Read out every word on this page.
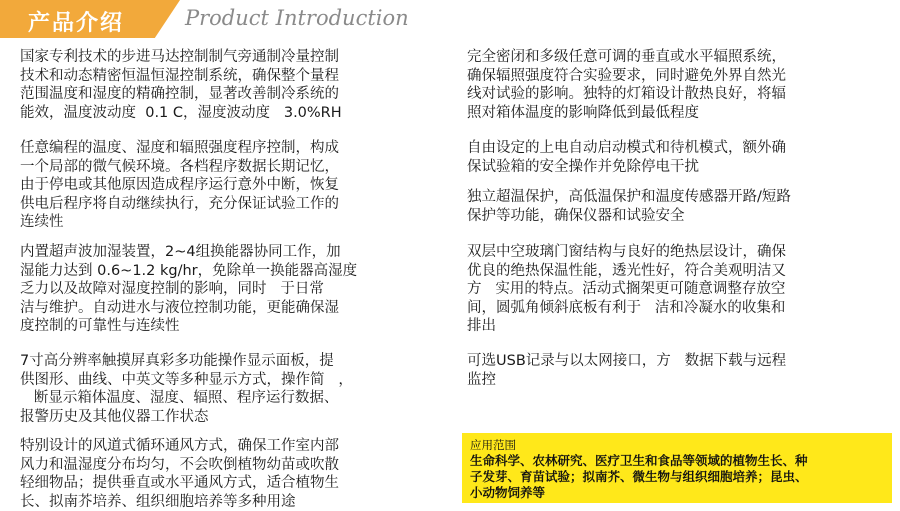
产品介绍	Product Introduction

国家专利技术的步进马达控制制气旁通制冷量控制
技术和动态精密恒温恒湿控制系统，确保整个量程
范围温度和湿度的精确控制，显著改善制冷系统的
能效，温度波动度  0.1 C，湿度波动度   3.0%RH

任意编程的温度、湿度和辐照强度程序控制，构成
一个局部的微气候环境。各档程序数据长期记忆，
由于停电或其他原因造成程序运行意外中断，恢复
供电后程序将自动继续执行，充分保证试验工作的
连续性

内置超声波加湿装置，2~4组换能器协同工作，加
湿能力达到 0.6~1.2 kg/hr，免除单一换能器高湿度
乏力以及故障对湿度控制的影响，同时   于日常
洁与维护。自动进水与液位控制功能，更能确保湿
度控制的可靠性与连续性

7寸高分辨率触摸屏真彩多功能操作显示面板，提
供图形、曲线、中英文等多种显示方式，操作简   ，
断显示箱体温度、湿度、辐照、程序运行数据、
报警历史及其他仪器工作状态

特别设计的风道式循环通风方式，确保工作室内部
风力和温湿度分布均匀，不会吹倒植物幼苗或吹散
轻细物品；提供垂直或水平通风方式，适合植物生
长、拟南芥培养、组织细胞培养等多种用途

完全密闭和多级任意可调的垂直或水平辐照系统，
确保辐照强度符合实验要求，同时避免外界自然光
线对试验的影响。独特的灯箱设计散热良好，将辐
照对箱体温度的影响降低到最低程度

自由设定的上电自动启动模式和待机模式，额外确
保试验箱的安全操作并免除停电干扰

独立超温保护，高低温保护和温度传感器开路/短路
保护等功能，确保仪器和试验安全

双层中空玻璃门窗结构与良好的绝热层设计，确保
优良的绝热保温性能，透光性好，符合美观明洁又
方   实用的特点。活动式搁架更可随意调整存放空
间，圆弧角倾斜底板有利于   洁和冷凝水的收集和
排出

可选USB记录与以太网接口，方   数据下载与远程
监控

应用范围

生命科学、农林研究、医疗卫生和食品等领域的植物生长、种
子发芽、育苗试验；拟南芥、微生物与组织细胞培养；昆虫、
小动物饲养等
